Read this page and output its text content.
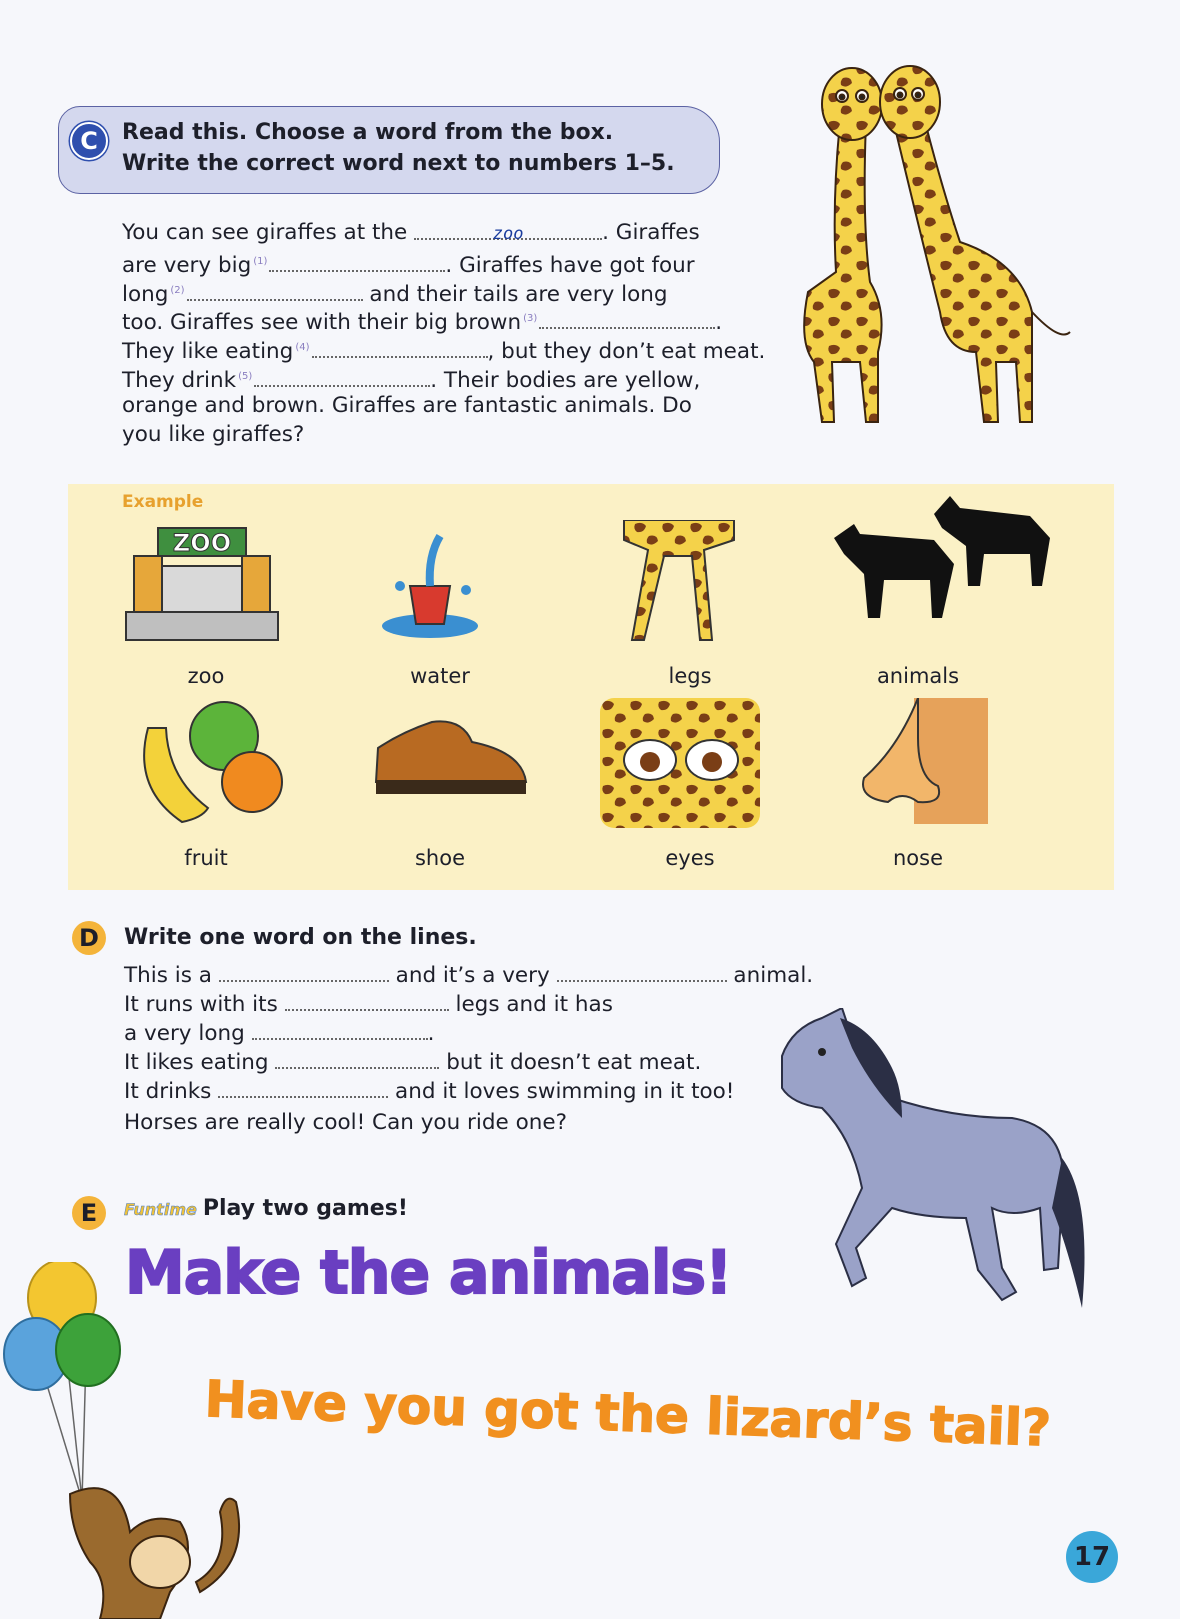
C	Read this. Choose a word from the box.
Write the correct word next to numbers 1–5.
You can see giraffes at the	zoo	. Giraffes
are very big $^{(1)}$	. Giraffes have got four
long $^{(2)}$	and their tails are very long
too. Giraffes see with their big brown $^{(3)}$	.
They like eating $^{(4)}$	, but they don’t eat meat.
They drink $^{(5)}$	. Their bodies are yellow,
orange and brown. Giraffes are fantastic animals. Do
you like giraffes?
Example
ZOO
zoo	water	legs	animals
fruit	shoe	eyes	nose
D	Write one word on the lines.
This is a	and it’s a very	animal.
It runs with its	legs and it has
a very long	.
It likes eating	but it doesn’t eat meat.
It drinks	and it loves swimming in it too!
Horses are really cool! Can you ride one?
E	Funtime Play two games!
Make the animals!
Have you got the lizard’s tail?
17
